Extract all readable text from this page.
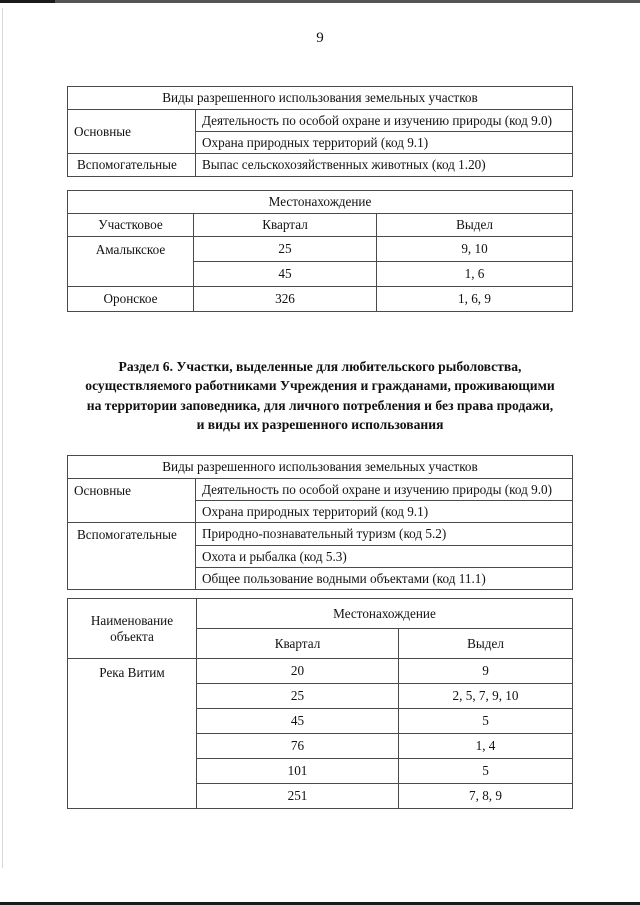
9
Виды разрешенного использования земельных участков	
Основные	Деятельность по особой охране и изучению природы (код 9.0)
	Охрана природных территорий (код 9.1)
Вспомогательные	Выпас сельскохозяйственных животных (код 1.20)
Местонахождение		
Участковое	Квартал	Выдел
Амалыкское	25	9, 10
	45	1, 6
Оронское	326	1, 6, 9
Раздел 6. Участки, выделенные для любительского рыболовства,
осуществляемого работниками Учреждения и гражданами, проживающими
на территории заповедника, для личного потребления и без права продажи,
и виды их разрешенного использования
Виды разрешенного использования земельных участков	
Основные	Деятельность по особой охране и изучению природы (код 9.0)
	Охрана природных территорий (код 9.1)
Вспомогательные	Природно-познавательный туризм (код 5.2)
	Охота и рыбалка (код 5.3)
	Общее пользование водными объектами (код 11.1)
Наименование объекта	Местонахождение	
	Квартал	Выдел
Река Витим	20	9
	25	2, 5, 7, 9, 10
	45	5
	76	1, 4
	101	5
	251	7, 8, 9
